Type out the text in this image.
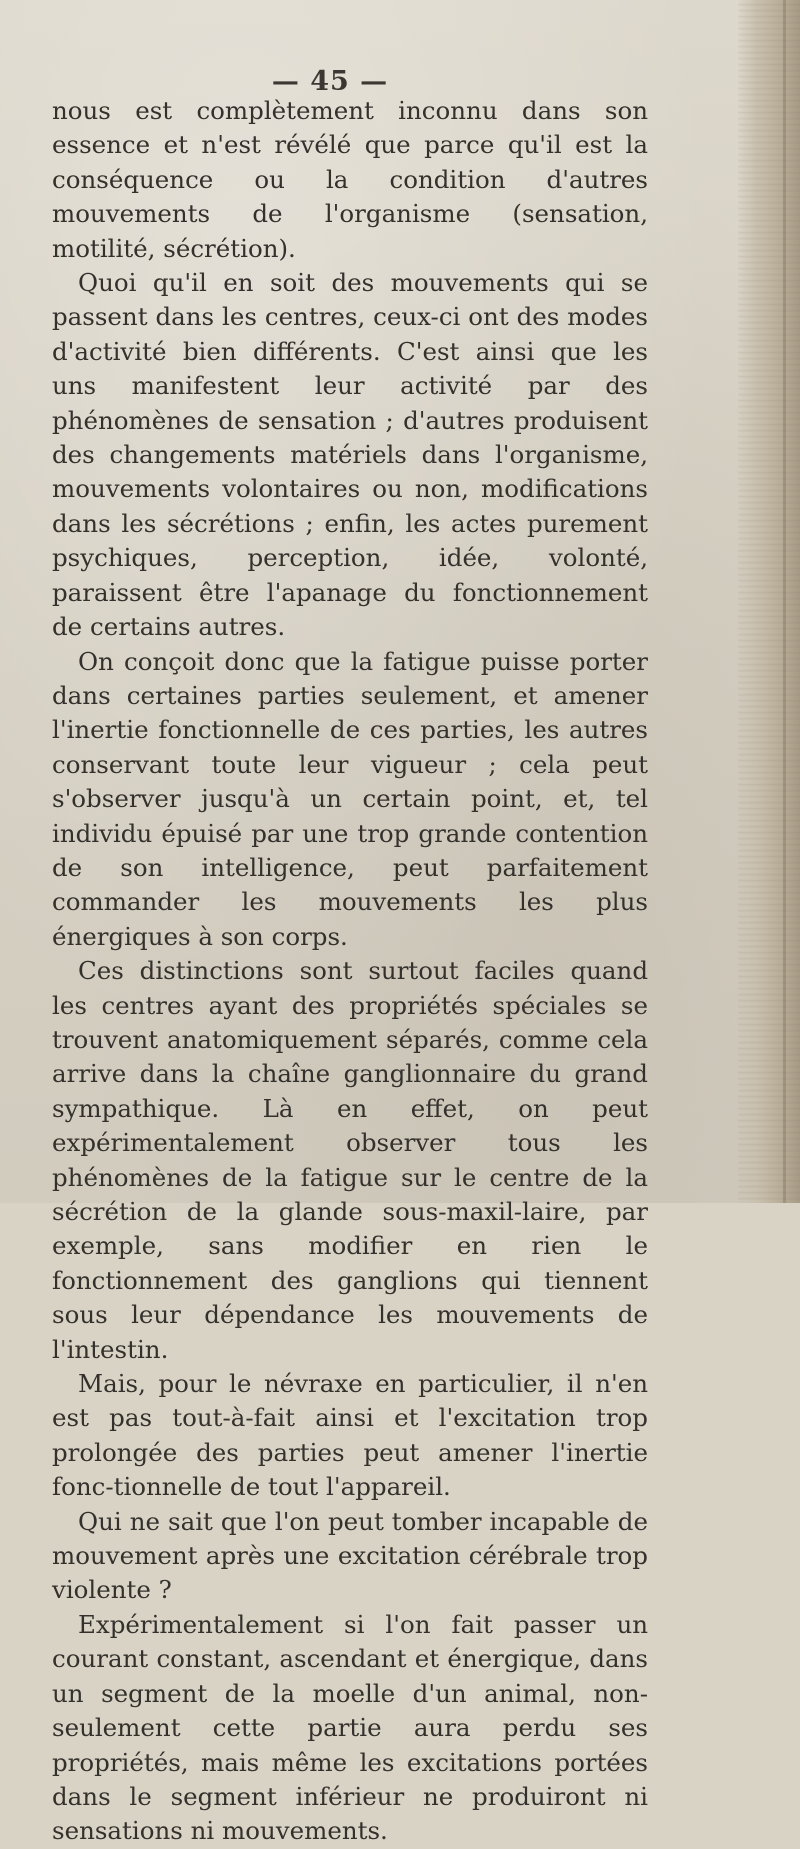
— 45 —

nous est complètement inconnu dans son essence et n'est révélé que parce qu'il est la conséquence ou la condition d'autres mouvements de l'organisme (sensation, motilité, sécrétion).

Quoi qu'il en soit des mouvements qui se passent dans les centres, ceux-ci ont des modes d'activité bien différents. C'est ainsi que les uns manifestent leur activité par des phénomènes de sensation ; d'autres produisent des changements matériels dans l'organisme, mouvements volontaires ou non, modifications dans les sécrétions ; enfin, les actes purement psychiques, perception, idée, volonté, paraissent être l'apanage du fonctionnement de certains autres.

On conçoit donc que la fatigue puisse porter dans certaines parties seulement, et amener l'inertie fonctionnelle de ces parties, les autres conservant toute leur vigueur ; cela peut s'observer jusqu'à un certain point, et, tel individu épuisé par une trop grande contention de son intelligence, peut parfaitement commander les mouvements les plus énergiques à son corps.

Ces distinctions sont surtout faciles quand les centres ayant des propriétés spéciales se trouvent anatomiquement séparés, comme cela arrive dans la chaîne ganglionnaire du grand sympathique. Là en effet, on peut expérimentalement observer tous les phénomènes de la fatigue sur le centre de la sécrétion de la glande sous-maxil-laire, par exemple, sans modifier en rien le fonctionnement des ganglions qui tiennent sous leur dépendance les mouvements de l'intestin.

Mais, pour le névraxe en particulier, il n'en est pas tout-à-fait ainsi et l'excitation trop prolongée des parties peut amener l'inertie fonc-tionnelle de tout l'appareil.

Qui ne sait que l'on peut tomber incapable de mouvement après une excitation cérébrale trop violente ?

Expérimentalement si l'on fait passer un courant constant, ascendant et énergique, dans un segment de la moelle d'un animal, non-seulement cette partie aura perdu ses propriétés, mais même les excitations portées dans le segment inférieur ne produiront ni sensations ni mouvements.
